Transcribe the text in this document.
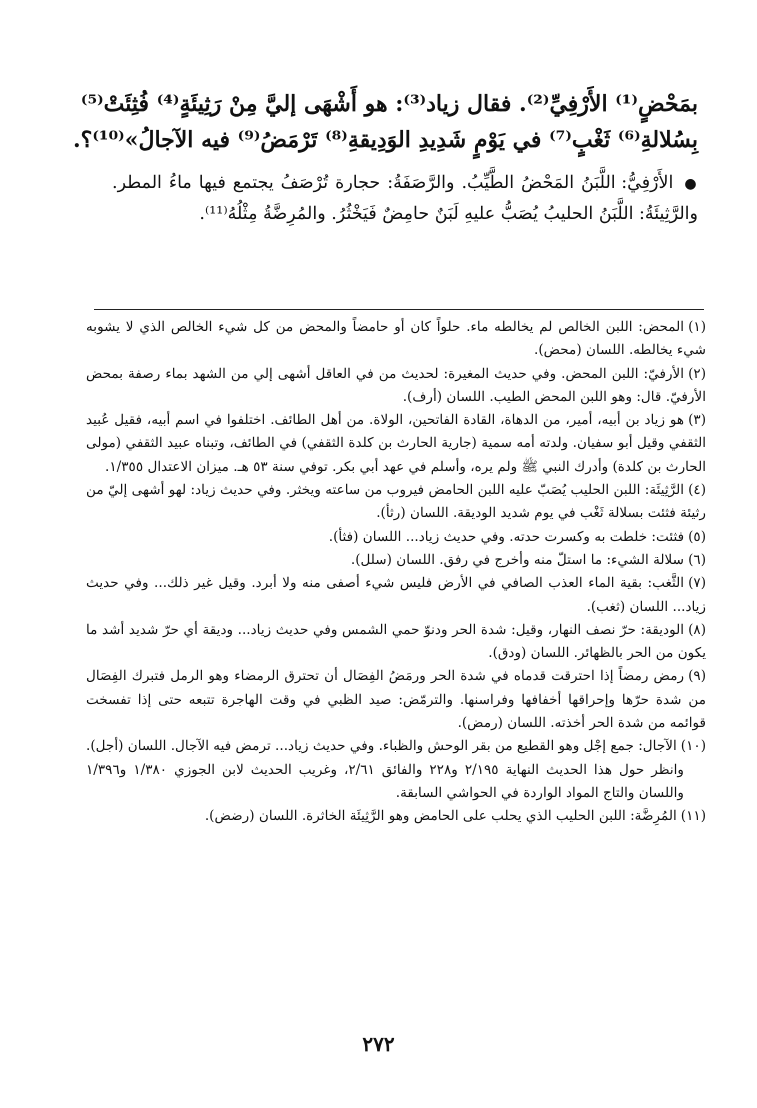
بمَحْضٍ⁽¹⁾ الأَرْفِيِّ⁽²⁾. فقال زياد⁽³⁾: هو أَشْهَى إليَّ مِنْ رَثِيئَةٍ⁽⁴⁾ فُثِئَتْ⁽⁵⁾
بِسُلالةِ⁽⁶⁾ ثَغْبٍ⁽⁷⁾ في يَوْمٍ شَدِيدِ الوَدِيقةِ⁽⁸⁾ تَرْمَضُ⁽⁹⁾ فيه الآجالُ»⁽¹⁰⁾؟.
● الأَرْفِيُّ: اللَّبَنُ المَحْضُ الطَّيِّبُ. والرَّصَفَةُ: حجارة تُرْصَفُ يجتمع فيها ماءُ المطر. والرَّثِيئَةُ: اللَّبَنُ الحليبُ يُصَبُّ عليهِ لَبَنٌ حامِضٌ فَيَخْثُرُ. والمُرِضَّةُ مِثْلُهُ⁽¹¹⁾.

(١)المحض: اللبن الخالص لم يخالطه ماء. حلواً كان أو حامضاً والمحض من كل شيء الخالص الذي لا يشوبه شيء يخالطه. اللسان (محض).

(٢)الأرفيّ: اللبن المحض. وفي حديث المغيرة: لحديث من في العاقل أشهى إلي من الشهد بماء رصفة بمحض الأرفيّ. قال: وهو اللبن المحض الطيب. اللسان (أرف).

(٣)هو زياد بن أبيه، أمير، من الدهاة، القادة الفاتحين، الولاة. من أهل الطائف. اختلفوا في اسم أبيه، فقيل عُبيد الثقفي وقيل أبو سفيان. ولدته أمه سمية (جارية الحارث بن كلدة الثقفي) في الطائف، وتبناه عبيد الثقفي (مولى الحارث بن كلدة) وأدرك النبي ﷺ ولم يره، وأسلم في عهد أبي بكر. توفي سنة ٥٣ هـ. ميزان الاعتدال ١/٣٥٥.

(٤)الرَّثِيئَة: اللبن الحليب يُصَبّ عليه اللبن الحامض فيروب من ساعته ويخثر. وفي حديث زياد: لهو أشهى إليّ من رثيئة فثئت بسلالة ثَغْب في يوم شديد الوديقة. اللسان (رثأ).

(٥)فثئت: خلطت به وكسرت حدته. وفي حديث زياد... اللسان (فثأ).

(٦)سلالة الشيء: ما استلّ منه وأخرج في رفق. اللسان (سلل).

(٧)الثَّغب: بقية الماء العذب الصافي في الأرض فليس شيء أصفى منه ولا أبرد. وقيل غير ذلك... وفي حديث زياد... اللسان (ثغب).

(٨)الوديقة: حرّ نصف النهار، وقيل: شدة الحر ودنوّ حمي الشمس وفي حديث زياد... وديقة أي حرّ شديد أشد ما يكون من الحر بالظهائر. اللسان (ودق).

(٩)رمض رمضاً إذا احترقت قدماه في شدة الحر ورمَضُ الفِصَال أن تحترق الرمضاء وهو الرمل فتبرك الفِصَال من شدة حرّها وإحراقها أخفافها وفراسنها. والترمّض: صيد الظبي في وقت الهاجرة تتبعه حتى إذا تفسخت قوائمه من شدة الحر أخذته. اللسان (رمض).

(١٠)الآجال: جمع إجْل وهو القطيع من بقر الوحش والظباء. وفي حديث زياد... ترمض فيه الآجال. اللسان (أجل).

وانظر حول هذا الحديث النهاية ٢/١٩٥ و٢٢٨ والفائق ٢/٦١، وغريب الحديث لابن الجوزي ١/٣٨٠ و١/٣٩٦ واللسان والتاج المواد الواردة في الحواشي السابقة.

(١١)المُرِضَّة: اللبن الحليب الذي يحلب على الحامض وهو الرَّثِيئَة الخاثرة. اللسان (رضض).

٢٧٢
